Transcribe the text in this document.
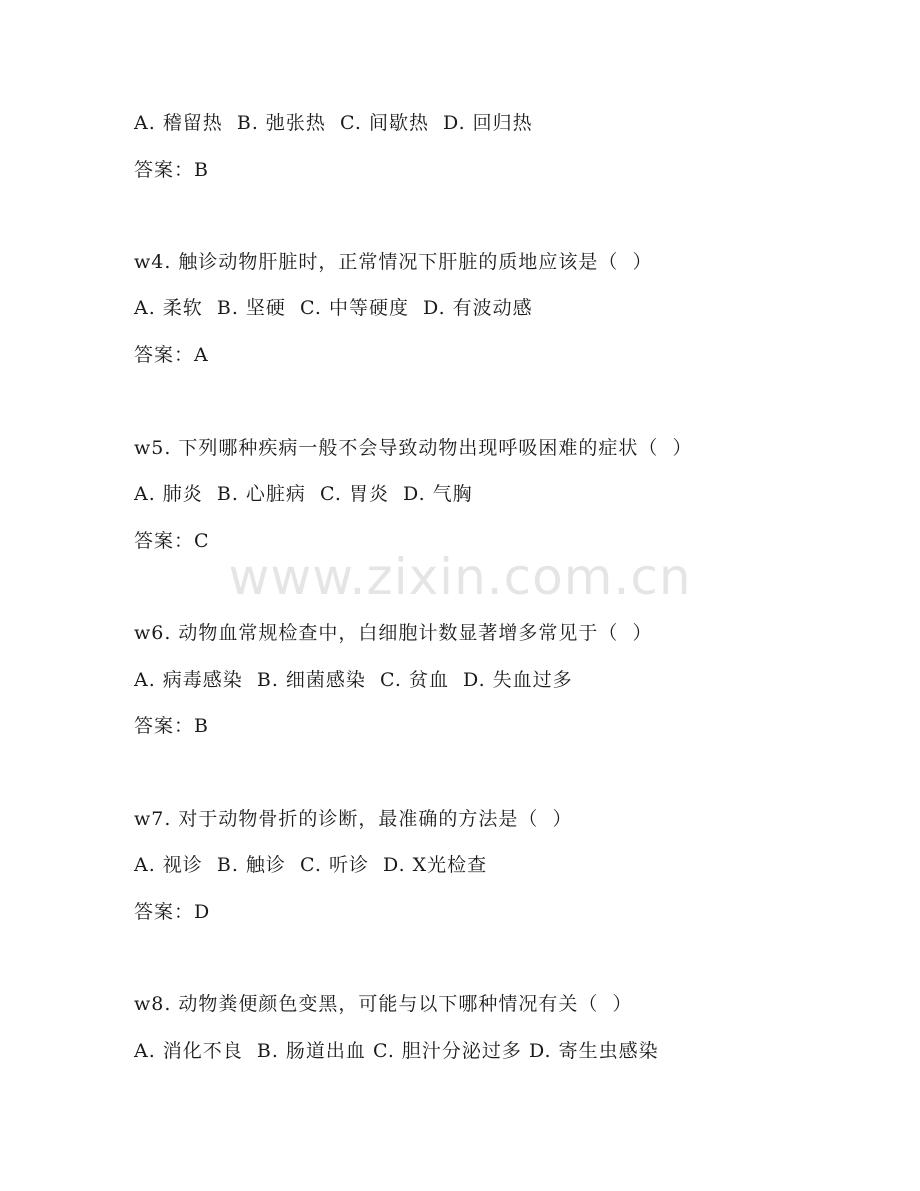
A. 稽留热  B. 弛张热  C. 间歇热  D. 回归热
答案：B
w4. 触诊动物肝脏时，正常情况下肝脏的质地应该是（  ）
A. 柔软  B. 坚硬  C. 中等硬度  D. 有波动感
答案：A
w5. 下列哪种疾病一般不会导致动物出现呼吸困难的症状（  ）
A. 肺炎  B. 心脏病  C. 胃炎  D. 气胸
答案：C
w6. 动物血常规检查中，白细胞计数显著增多常见于（  ）
A. 病毒感染  B. 细菌感染  C. 贫血  D. 失血过多
答案：B
w7. 对于动物骨折的诊断，最准确的方法是（  ）
A. 视诊  B. 触诊  C. 听诊  D. X光检查
答案：D
w8. 动物粪便颜色变黑，可能与以下哪种情况有关（  ）
A. 消化不良  B. 肠道出血 C. 胆汁分泌过多 D. 寄生虫感染
www.zixin.com.cn
